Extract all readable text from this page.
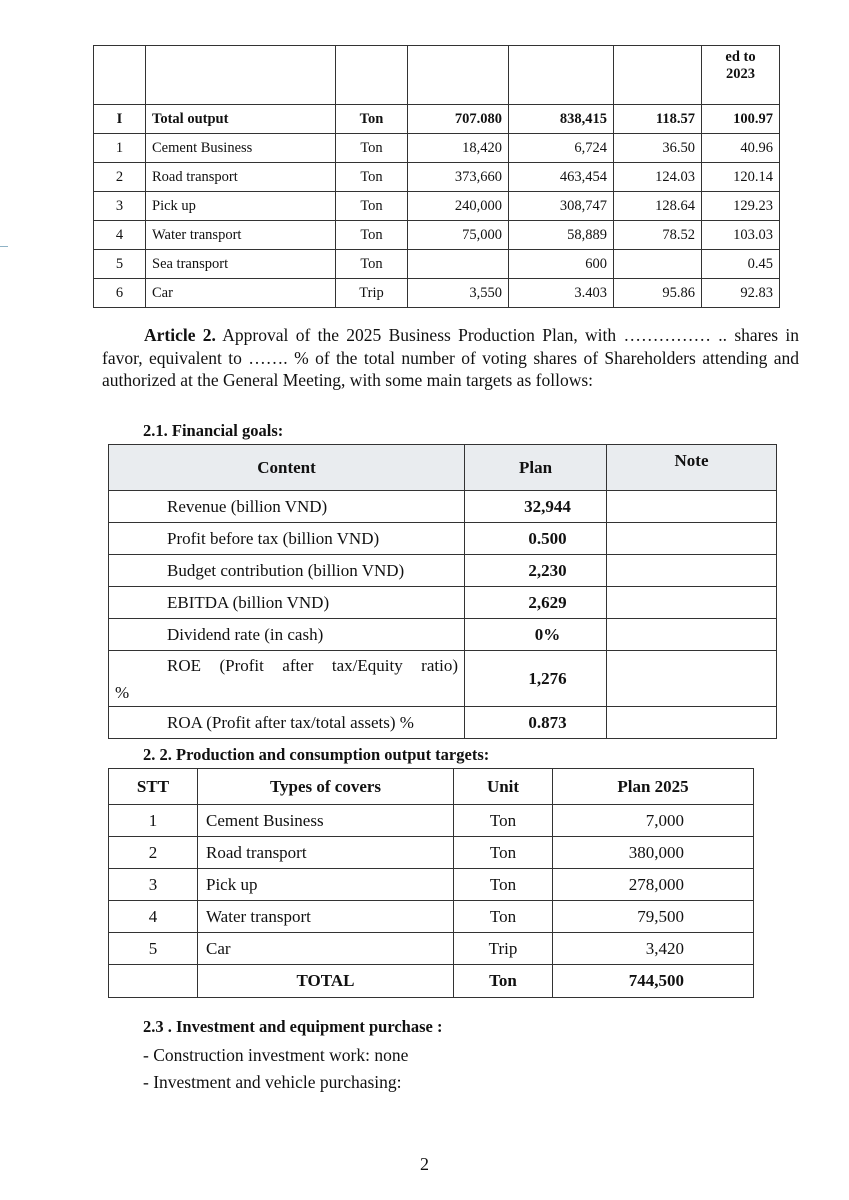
						ed to
2023
I	Total output	Ton	707.080	838,415	118.57	100.97
1	Cement Business	Ton	18,420	6,724	36.50	40.96
2	Road transport	Ton	373,660	463,454	124.03	120.14
3	Pick up	Ton	240,000	308,747	128.64	129.23
4	Water transport	Ton	75,000	58,889	78.52	103.03
5	Sea transport	Ton		600		0.45
6	Car	Trip	3,550	3.403	95.86	92.83
Article 2. Approval of the 2025 Business Production Plan, with …………… .. shares in favor, equivalent to ……. % of the total number of voting shares of Shareholders attending and authorized at the General Meeting, with some main targets as follows:
2.1. Financial goals:
Content	Plan	Note
Revenue (billion VND)	32,944	
Profit before tax (billion VND)	0.500	
Budget contribution (billion VND)	2,230	
EBITDA (billion VND)	2,629	
Dividend rate (in cash)	0%	

ROE (Profit after tax/Equity ratio)
%	1,276	
ROA (Profit after tax/total assets) %	0.873	
2. 2. Production and consumption output targets:
STT	Types of covers	Unit	Plan 2025
1	Cement Business	Ton	7,000
2	Road transport	Ton	380,000
3	Pick up	Ton	278,000
4	Water transport	Ton	79,500
5	Car	Trip	3,420
	TOTAL	Ton	744,500
2.3 . Investment and equipment purchase :
- Construction investment work: none
- Investment and vehicle purchasing:
2
